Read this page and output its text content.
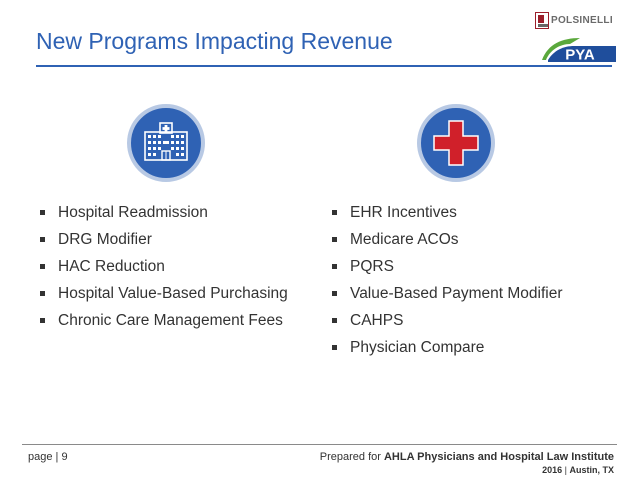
New Programs Impacting Revenue
POLSINELLI
PYA
Hospital Readmission
DRG Modifier
HAC Reduction
Hospital Value-Based Purchasing
Chronic Care Management Fees
EHR Incentives
Medicare ACOs
PQRS
Value-Based Payment Modifier
CAHPS
Physician Compare
page | 9	Prepared for AHLA Physicians and Hospital Law Institute
2016 | Austin, TX
